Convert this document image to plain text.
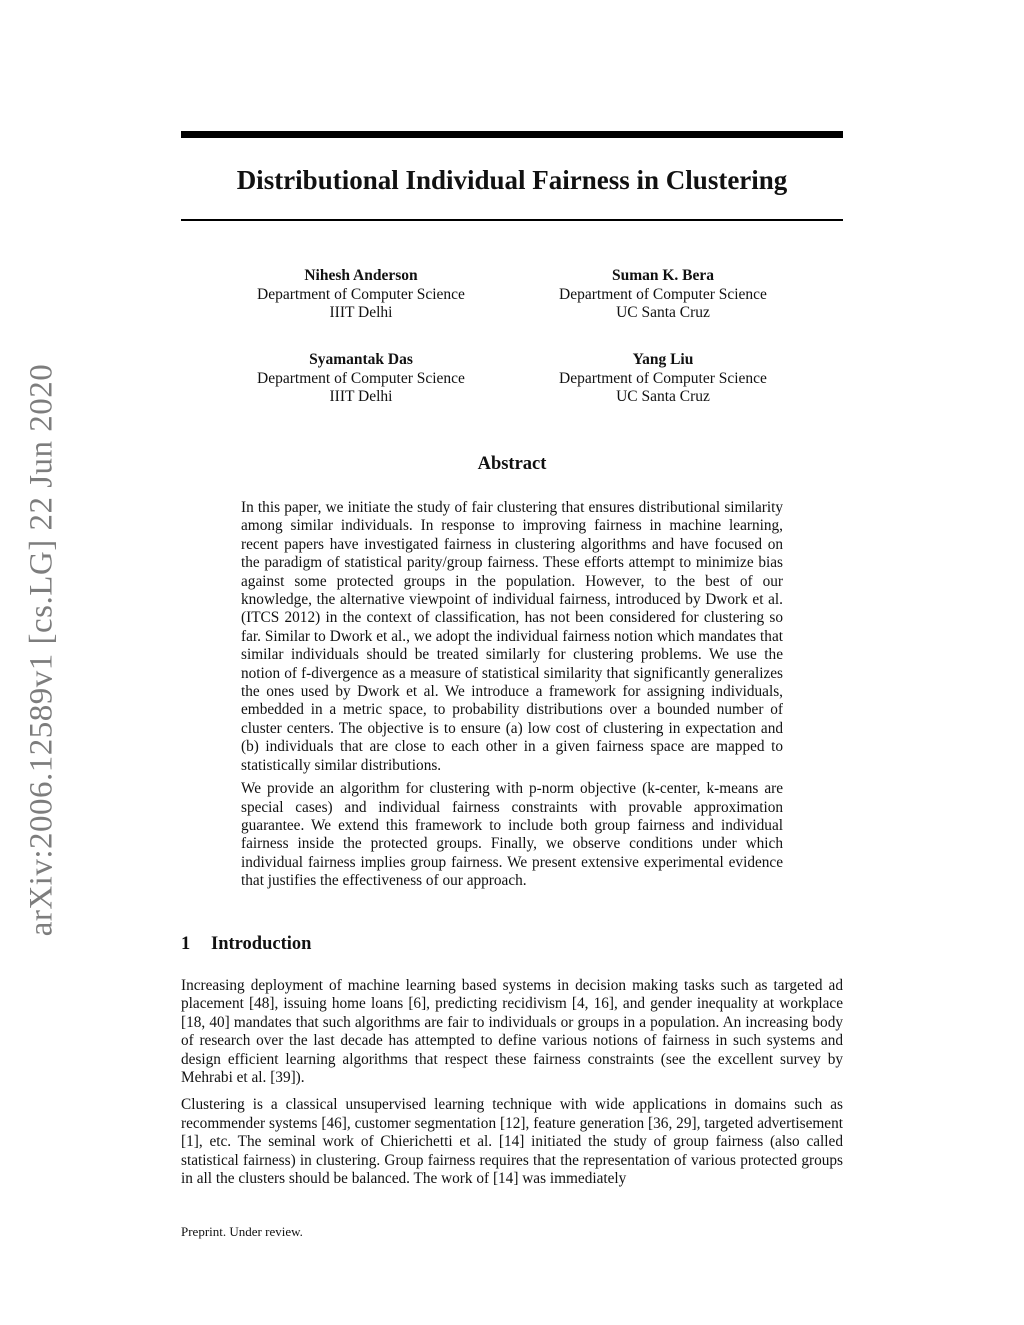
arXiv:2006.12589v1 [cs.LG] 22 Jun 2020
Distributional Individual Fairness in Clustering
Nihesh Anderson
Department of Computer Science
IIIT Delhi
Suman K. Bera
Department of Computer Science
UC Santa Cruz
Syamantak Das
Department of Computer Science
IIIT Delhi
Yang Liu
Department of Computer Science
UC Santa Cruz
Abstract

In this paper, we initiate the study of fair clustering that ensures distributional similarity among similar individuals. In response to improving fairness in machine learning, recent papers have investigated fairness in clustering algorithms and have focused on the paradigm of statistical parity/group fairness. These efforts attempt to minimize bias against some protected groups in the population. However, to the best of our knowledge, the alternative viewpoint of individual fairness, introduced by Dwork et al. (ITCS 2012) in the context of classification, has not been considered for clustering so far. Similar to Dwork et al., we adopt the individual fairness notion which mandates that similar individuals should be treated similarly for clustering problems. We use the notion of f-divergence as a measure of statistical similarity that significantly generalizes the ones used by Dwork et al. We introduce a framework for assigning individuals, embedded in a metric space, to probability distributions over a bounded number of cluster centers. The objective is to ensure (a) low cost of clustering in expectation and (b) individuals that are close to each other in a given fairness space are mapped to statistically similar distributions.

We provide an algorithm for clustering with p-norm objective (k-center, k-means are special cases) and individual fairness constraints with provable approximation guarantee. We extend this framework to include both group fairness and individual fairness inside the protected groups. Finally, we observe conditions under which individual fairness implies group fairness. We present extensive experimental evidence that justifies the effectiveness of our approach.

1 Introduction

Increasing deployment of machine learning based systems in decision making tasks such as targeted ad placement [48], issuing home loans [6], predicting recidivism [4, 16], and gender inequality at workplace [18, 40] mandates that such algorithms are fair to individuals or groups in a population. An increasing body of research over the last decade has attempted to define various notions of fairness in such systems and design efficient learning algorithms that respect these fairness constraints (see the excellent survey by Mehrabi et al. [39]).

Clustering is a classical unsupervised learning technique with wide applications in domains such as recommender systems [46], customer segmentation [12], feature generation [36, 29], targeted advertisement [1], etc. The seminal work of Chierichetti et al. [14] initiated the study of group fairness (also called statistical fairness) in clustering. Group fairness requires that the representation of various protected groups in all the clusters should be balanced. The work of [14] was immediately

Preprint. Under review.
